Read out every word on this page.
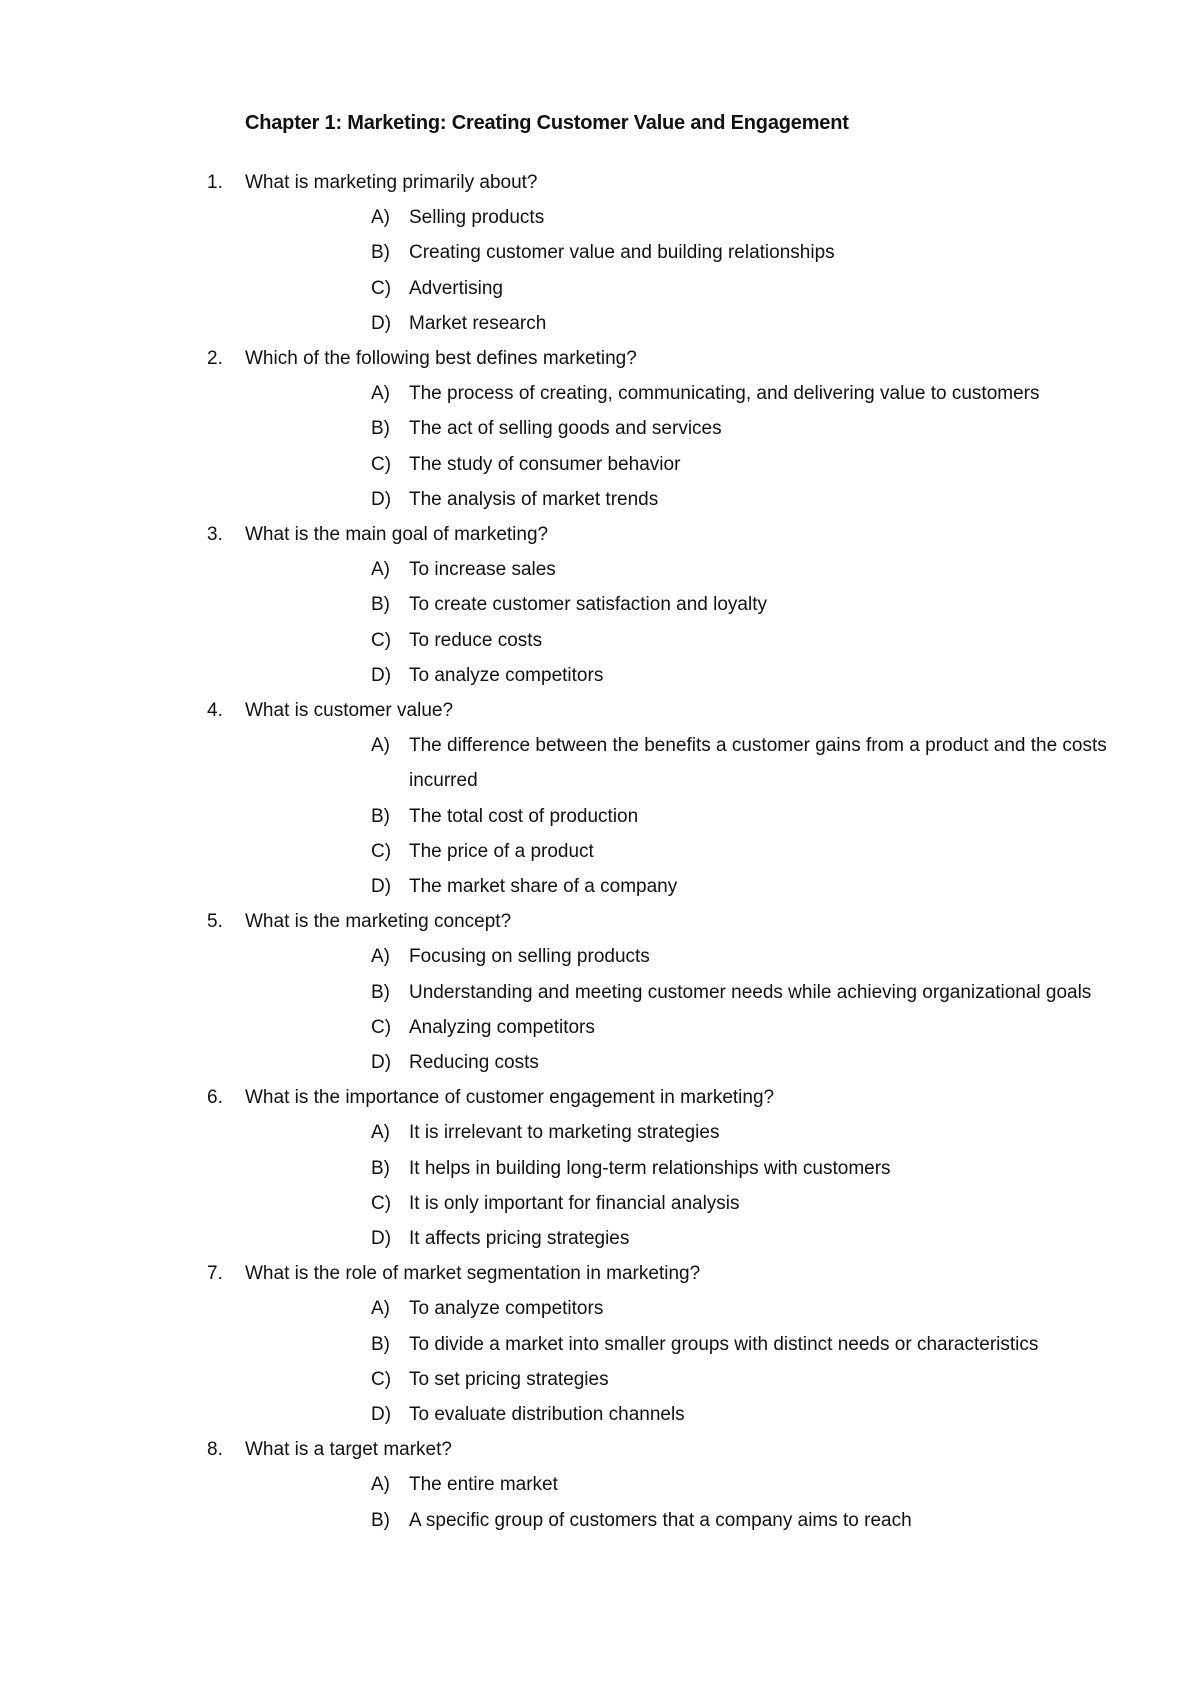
Chapter 1: Marketing: Creating Customer Value and Engagement
1. What is marketing primarily about?
A) Selling products
B) Creating customer value and building relationships
C) Advertising
D) Market research
2. Which of the following best defines marketing?
A) The process of creating, communicating, and delivering value to customers
B) The act of selling goods and services
C) The study of consumer behavior
D) The analysis of market trends
3. What is the main goal of marketing?
A) To increase sales
B) To create customer satisfaction and loyalty
C) To reduce costs
D) To analyze competitors
4. What is customer value?
A) The difference between the benefits a customer gains from a product and the costs incurred
B) The total cost of production
C) The price of a product
D) The market share of a company
5. What is the marketing concept?
A) Focusing on selling products
B) Understanding and meeting customer needs while achieving organizational goals
C) Analyzing competitors
D) Reducing costs
6. What is the importance of customer engagement in marketing?
A) It is irrelevant to marketing strategies
B) It helps in building long-term relationships with customers
C) It is only important for financial analysis
D) It affects pricing strategies
7. What is the role of market segmentation in marketing?
A) To analyze competitors
B) To divide a market into smaller groups with distinct needs or characteristics
C) To set pricing strategies
D) To evaluate distribution channels
8. What is a target market?
A) The entire market
B) A specific group of customers that a company aims to reach
